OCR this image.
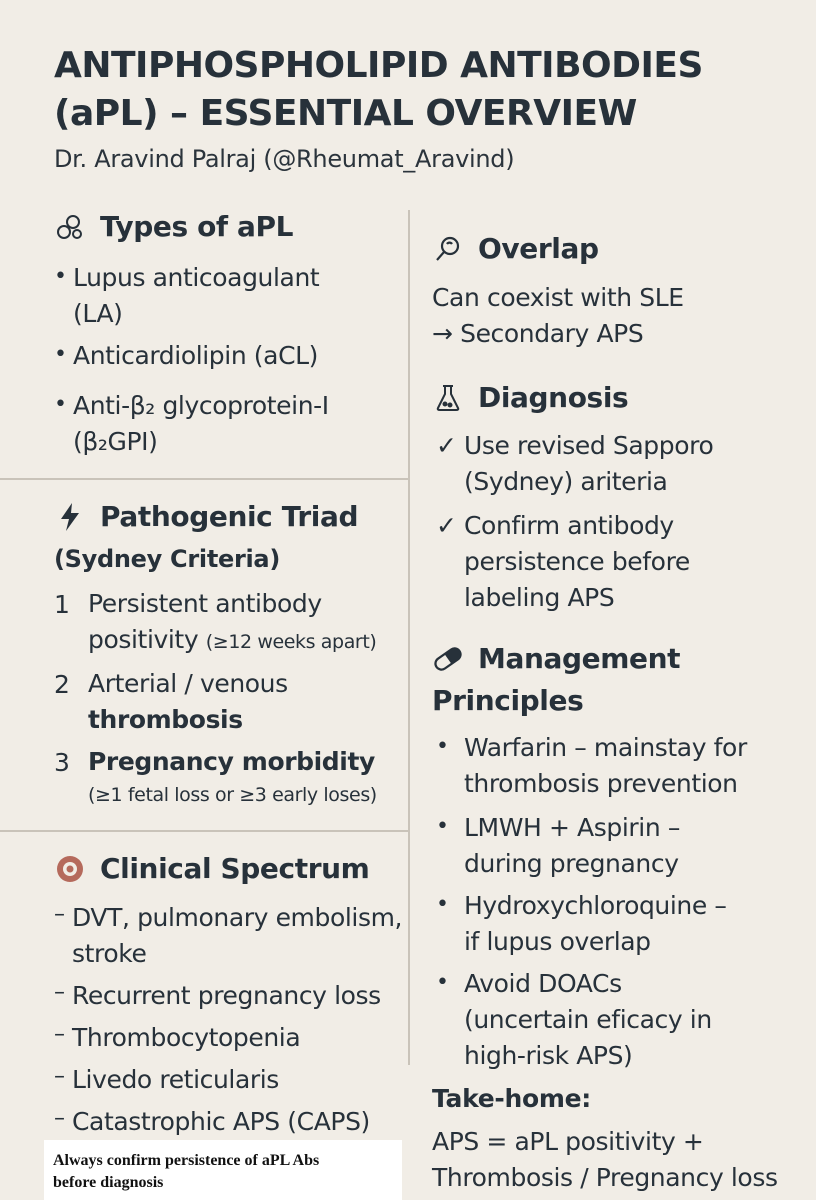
ANTIPHOSPHOLIPID ANTIBODIES
(aPL) – ESSENTIAL OVERVIEW
Dr. Aravind Palraj (@Rheumat_Aravind)
Types of aPL
• Lupus anticoagulant
(LA)
• Anticardiolipin (aCL)
• Anti-β₂ glycoprotein-I
(β₂GPI)
Pathogenic Triad
(Sydney Criteria)
1 Persistent antibody
positivity (≥12 weeks apart)
2 Arterial / venous
thrombosis
3 Pregnancy morbidity
(≥1 fetal loss or ≥3 early loses)
Clinical Spectrum
– DVT, pulmonary embolism,
stroke
– Recurrent pregnancy loss
– Thrombocytopenia
– Livedo reticularis
– Catastrophic APS (CAPS)
Always confirm persistence of aPL Abs
before diagnosis
Overlap
Can coexist with SLE
→ Secondary APS
Diagnosis
✓ Use revised Sapporo
(Sydney) ariteria
✓ Confirm antibody
persistence before
labeling APS
Management
Principles
• Warfarin – mainstay for
thrombosis prevention
• LMWH + Aspirin –
during pregnancy
• Hydroxychloroquine –
if lupus overlap
• Avoid DOACs
(uncertain eficacy in
high-risk APS)
Take-home:
APS = aPL positivity +
Thrombosis / Pregnancy loss
